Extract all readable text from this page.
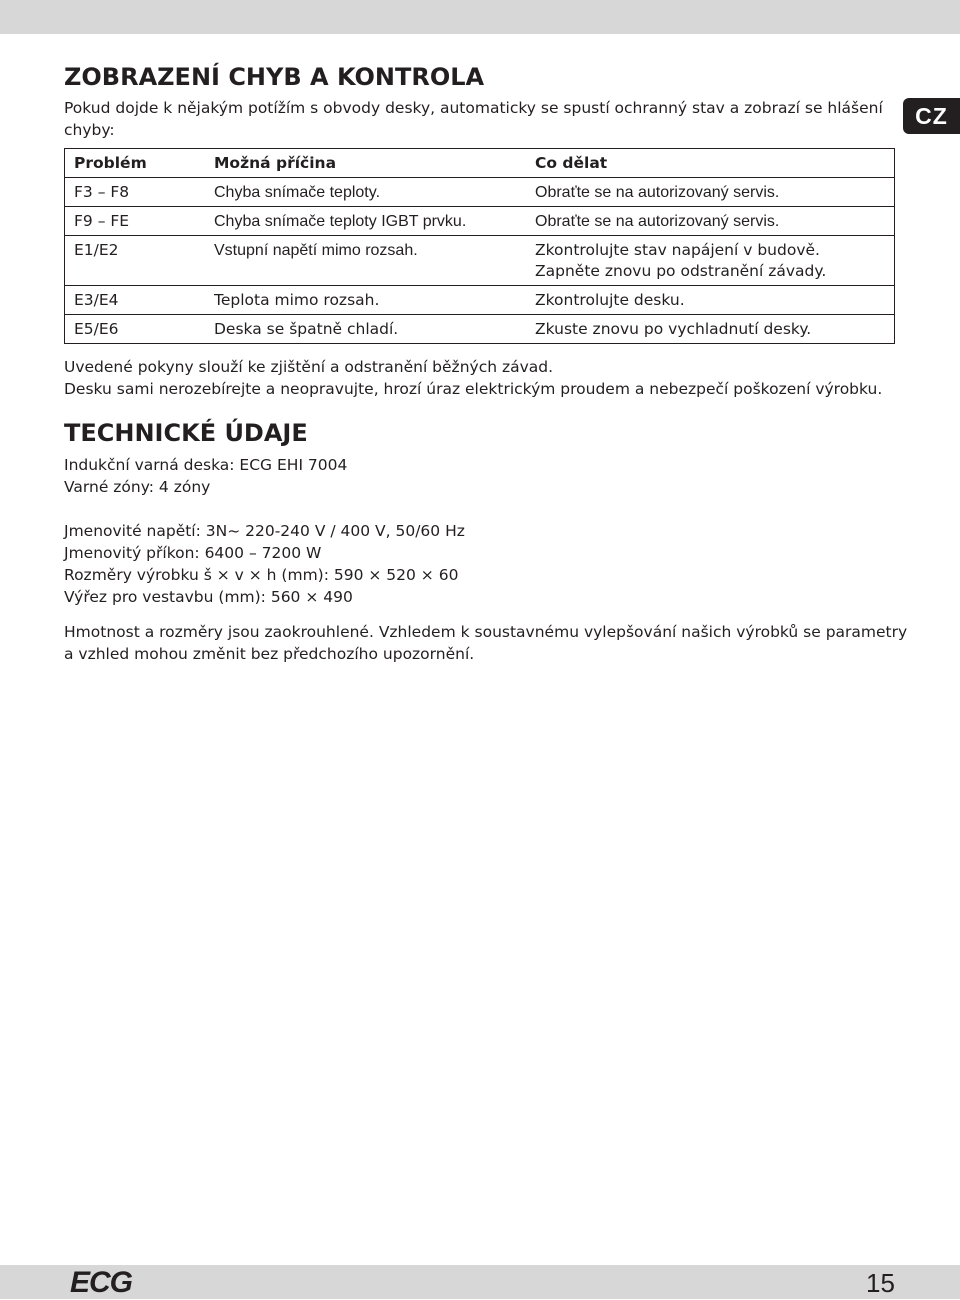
CZ
ZOBRAZENÍ CHYB A KONTROLA
Pokud dojde k nějakým potížím s obvody desky, automaticky se spustí ochranný stav a zobrazí se hlášení chyby:
Problém	Možná příčina	Co dělat
F3 – F8	Chyba snímače teploty.	Obraťte se na autorizovaný servis.
F9 – FE	Chyba snímače teploty IGBT prvku.	Obraťte se na autorizovaný servis.
E1/E2	Vstupní napětí mimo rozsah.	Zkontrolujte stav napájení v budově.
Zapněte znovu po odstranění závady.

E3/E4	Teplota mimo rozsah.	Zkontrolujte desku.
E5/E6	Deska se špatně chladí.	Zkuste znovu po vychladnutí desky.
Uvedené pokyny slouží ke zjištění a odstranění běžných závad.
Desku sami nerozebírejte a neopravujte, hrozí úraz elektrickým proudem a nebezpečí poškození výrobku.
TECHNICKÉ ÚDAJE
Indukční varná deska: ECG EHI 7004
Varné zóny: 4 zóny
Jmenovité napětí: 3N~ 220-240 V / 400 V, 50/60 Hz
Jmenovitý příkon: 6400 – 7200 W
Rozměry výrobku š × v × h (mm): 590 × 520 × 60
Výřez pro vestavbu (mm): 560 × 490
Hmotnost a rozměry jsou zaokrouhlené. Vzhledem k soustavnému vylepšování našich výrobků se parametry
a vzhled mohou změnit bez předchozího upozornění.
ECG	15
